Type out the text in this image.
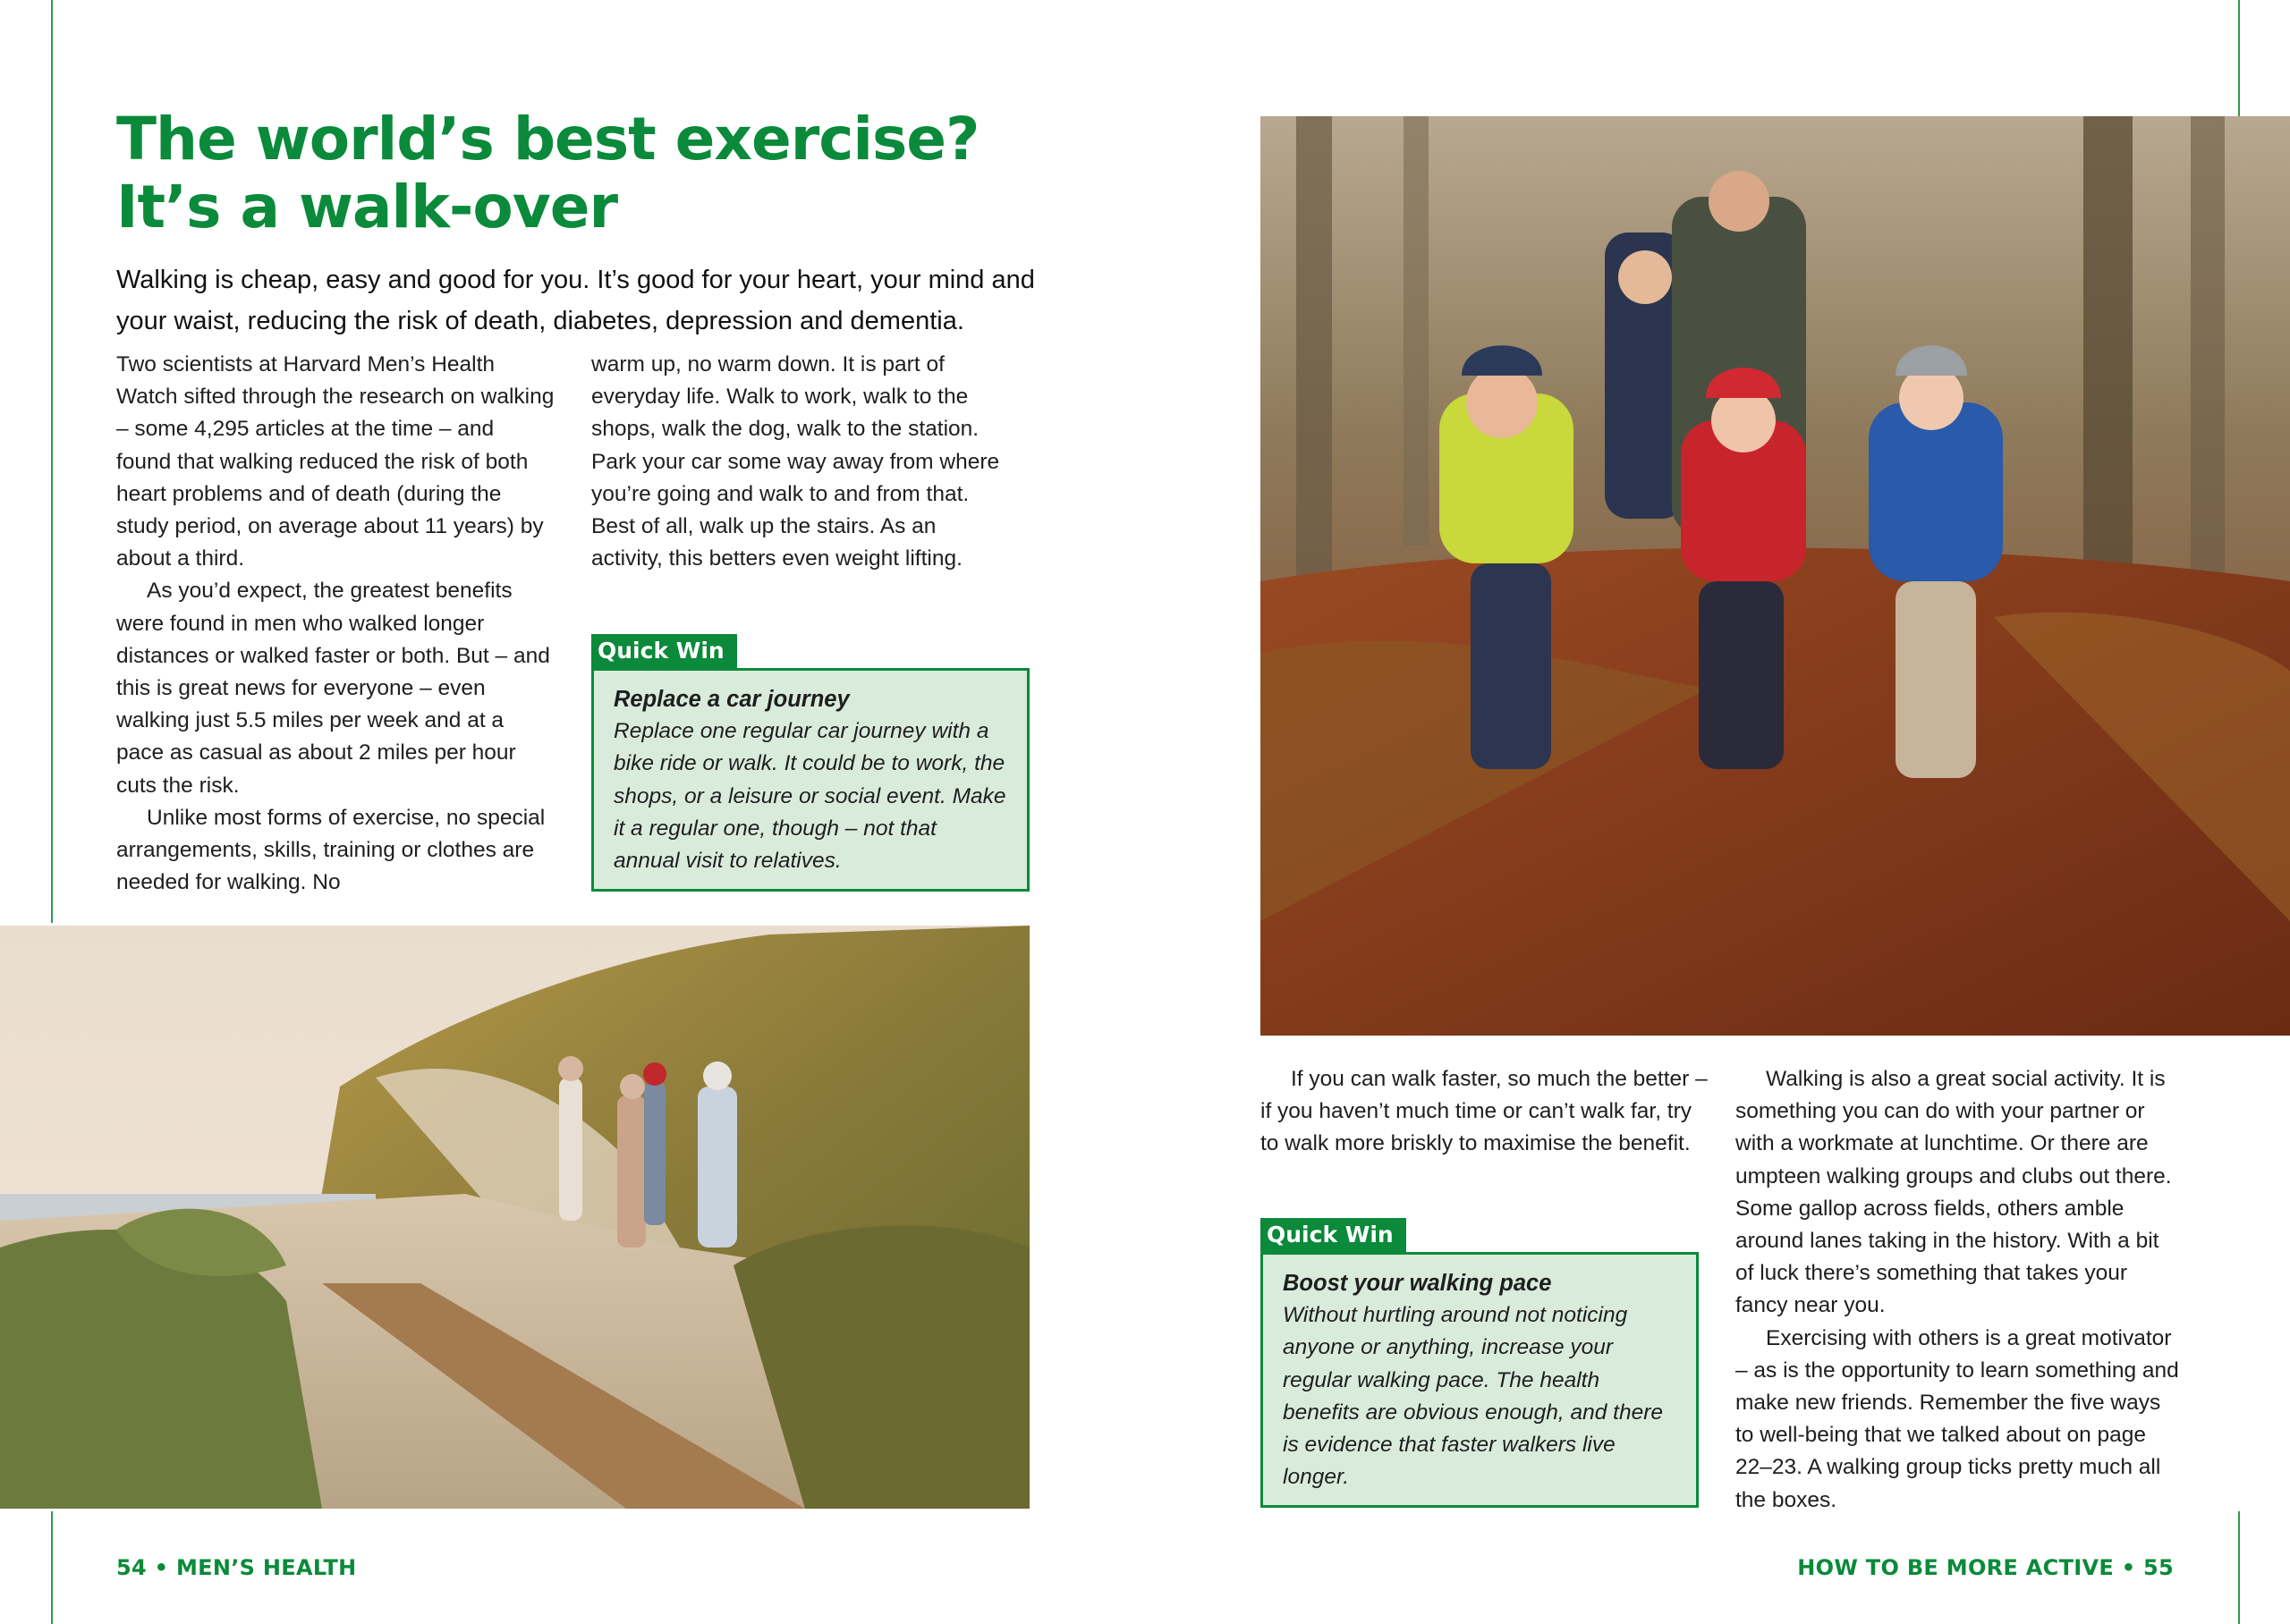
The world’s best exercise?
It’s a walk-over

Walking is cheap, easy and good for you. It’s good for your heart, your mind and your waist, reducing the risk of death, diabetes, depression and dementia.

Two scientists at Harvard Men’s Health Watch sifted through the research on walking – some 4,295 articles at the time – and found that walking reduced the risk of both heart problems and of death (during the study period, on average about 11 years) by about a third.

As you’d expect, the greatest benefits were found in men who walked longer distances or walked faster or both. But – and this is great news for everyone – even walking just 5.5 miles per week and at a pace as casual as about 2 miles per hour cuts the risk.

Unlike most forms of exercise, no special arrangements, skills, training or clothes are needed for walking. No

warm up, no warm down. It is part of everyday life. Walk to work, walk to the shops, walk the dog, walk to the station. Park your car some way away from where you’re going and walk to and from that. Best of all, walk up the stairs. As an activity, this betters even weight lifting.

Quick Win
Replace a car journey
Replace one regular car journey with a bike ride or walk. It could be to work, the shops, or a leisure or social event. Make it a regular one, though – not that annual visit to relatives.
54 • MEN’S HEALTH

If you can walk faster, so much the better – if you haven’t much time or can’t walk far, try to walk more briskly to maximise the benefit.

Quick Win
Boost your walking pace
Without hurtling around not noticing anyone or anything, increase your regular walking pace. The health benefits are obvious enough, and there is evidence that faster walkers live longer.

Walking is also a great social activity. It is something you can do with your partner or with a workmate at lunchtime. Or there are umpteen walking groups and clubs out there. Some gallop across fields, others amble around lanes taking in the history. With a bit of luck there’s something that takes your fancy near you.

Exercising with others is a great motivator – as is the opportunity to learn something and make new friends. Remember the five ways to well-being that we talked about on page 22–23. A walking group ticks pretty much all the boxes.

HOW TO BE MORE ACTIVE • 55
